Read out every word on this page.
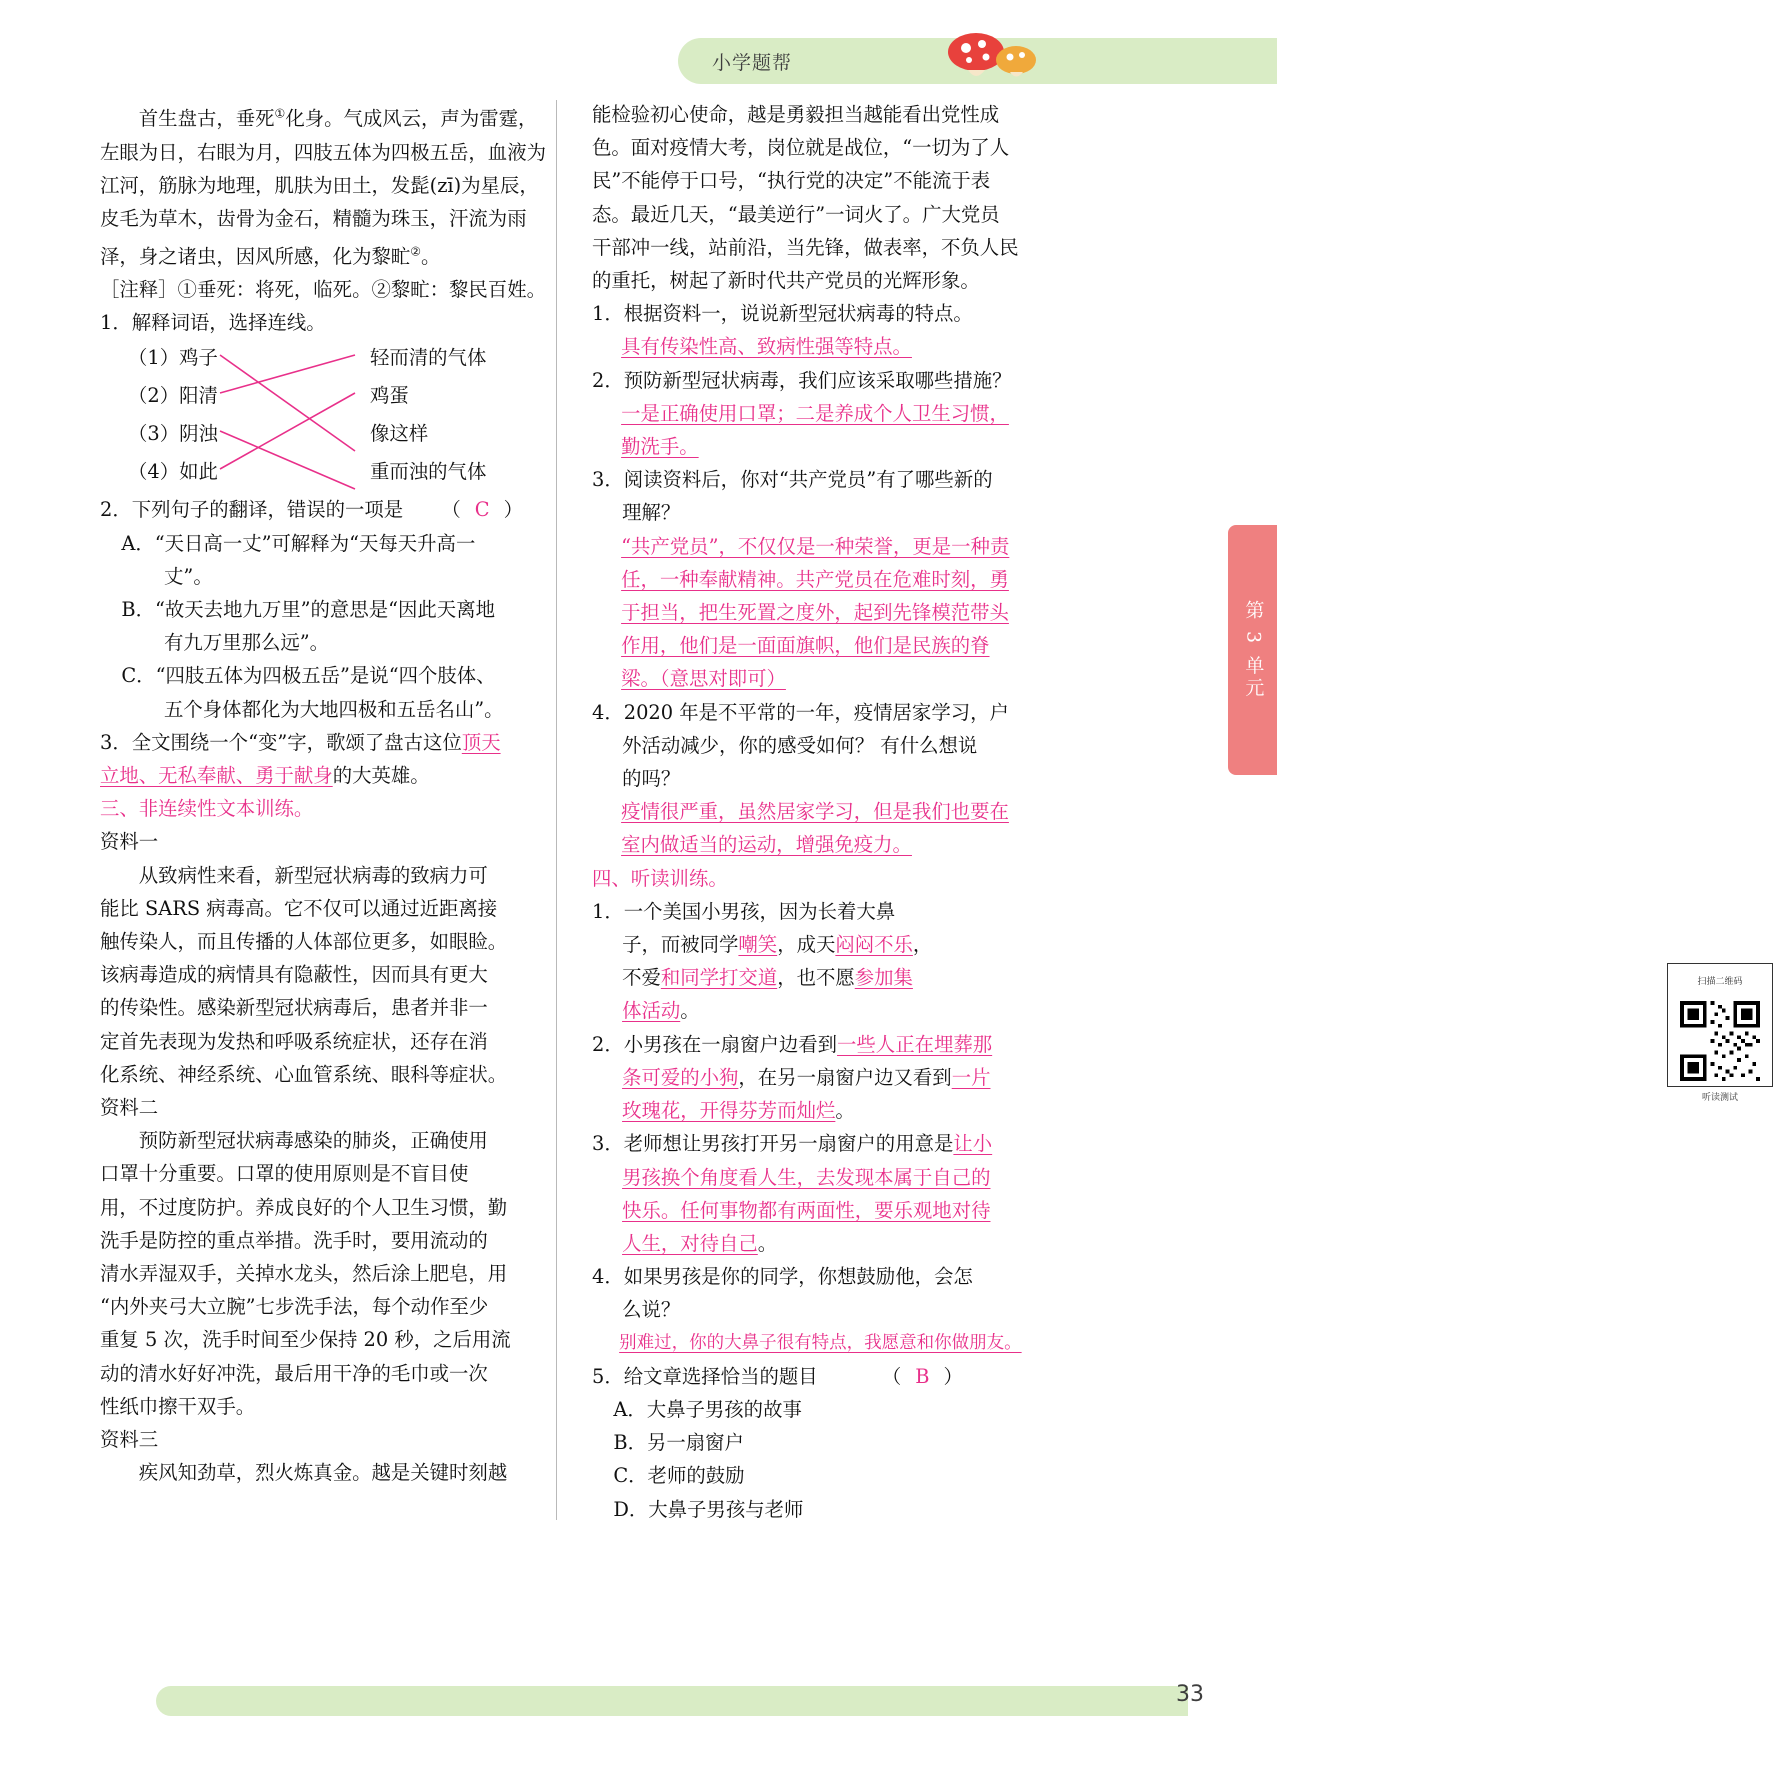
小学题帮
第 3 单元

首生盘古，垂死①化身。气成风云，声为雷霆，

左眼为日，右眼为月，四肢五体为四极五岳，血液为

江河，筋脉为地理，肌肤为田土，发髭(zī)为星辰，

皮毛为草木，齿骨为金石，精髓为珠玉，汗流为雨

泽，身之诸虫，因风所感，化为黎甿②。

［注释］①垂死：将死，临死。②黎甿：黎民百姓。

1．解释词语，选择连线。

（1）鸡子
（2）阳清
（3）阴浊
（4）如此
轻而清的气体
鸡蛋
像这样
重而浊的气体

2．下列句子的翻译，错误的一项是 （ C ）

A．“天日高一丈”可解释为“天每天升高一

丈”。

B．“故天去地九万里”的意思是“因此天离地

有九万里那么远”。

C．“四肢五体为四极五岳”是说“四个肢体、

五个身体都化为大地四极和五岳名山”。

3．全文围绕一个“变”字，歌颂了盘古这位顶天

立地、无私奉献、勇于献身的大英雄。

三、非连续性文本训练。

资料一

从致病性来看，新型冠状病毒的致病力可

能比 SARS 病毒高。它不仅可以通过近距离接

触传染人，而且传播的人体部位更多，如眼睑。

该病毒造成的病情具有隐蔽性，因而具有更大

的传染性。感染新型冠状病毒后，患者并非一

定首先表现为发热和呼吸系统症状，还存在消

化系统、神经系统、心血管系统、眼科等症状。

资料二

预防新型冠状病毒感染的肺炎，正确使用

口罩十分重要。口罩的使用原则是不盲目使

用，不过度防护。养成良好的个人卫生习惯，勤

洗手是防控的重点举措。洗手时，要用流动的

清水弄湿双手，关掉水龙头，然后涂上肥皂，用

“内外夹弓大立腕”七步洗手法，每个动作至少

重复 5 次，洗手时间至少保持 20 秒，之后用流

动的清水好好冲洗，最后用干净的毛巾或一次

性纸巾擦干双手。

资料三

疾风知劲草，烈火炼真金。越是关键时刻越

能检验初心使命，越是勇毅担当越能看出党性成

色。面对疫情大考，岗位就是战位，“一切为了人

民”不能停于口号，“执行党的决定”不能流于表

态。最近几天，“最美逆行”一词火了。广大党员

干部冲一线，站前沿，当先锋，做表率，不负人民

的重托，树起了新时代共产党员的光辉形象。

1．根据资料一，说说新型冠状病毒的特点。

具有传染性高、致病性强等特点。

2．预防新型冠状病毒，我们应该采取哪些措施？

一是正确使用口罩；二是养成个人卫生习惯，

勤洗手。

3．阅读资料后，你对“共产党员”有了哪些新的

理解？

“共产党员”，不仅仅是一种荣誉，更是一种责

任，一种奉献精神。共产党员在危难时刻，勇

于担当，把生死置之度外，起到先锋模范带头

作用，他们是一面面旗帜，他们是民族的脊

梁。（意思对即可）

4．2020 年是不平常的一年，疫情居家学习，户

外活动减少，你的感受如何？ 有什么想说

的吗？

疫情很严重，虽然居家学习，但是我们也要在

室内做适当的运动，增强免疫力。

四、听读训练。

扫描二维码
听读测试

1．一个美国小男孩，因为长着大鼻

子，而被同学嘲笑，成天闷闷不乐，

不爱和同学打交道，也不愿参加集

体活动。

2．小男孩在一扇窗户边看到一些人正在埋葬那

条可爱的小狗，在另一扇窗户边又看到一片

玫瑰花，开得芬芳而灿烂。

3．老师想让男孩打开另一扇窗户的用意是让小

男孩换个角度看人生，去发现本属于自己的

快乐。任何事物都有两面性，要乐观地对待

人生，对待自己。

4．如果男孩是你的同学，你想鼓励他，会怎

么说？

别难过，你的大鼻子很有特点，我愿意和你做朋友。

5．给文章选择恰当的题目	（ B ）

A．大鼻子男孩的故事

B．另一扇窗户

C．老师的鼓励

D．大鼻子男孩与老师

33
